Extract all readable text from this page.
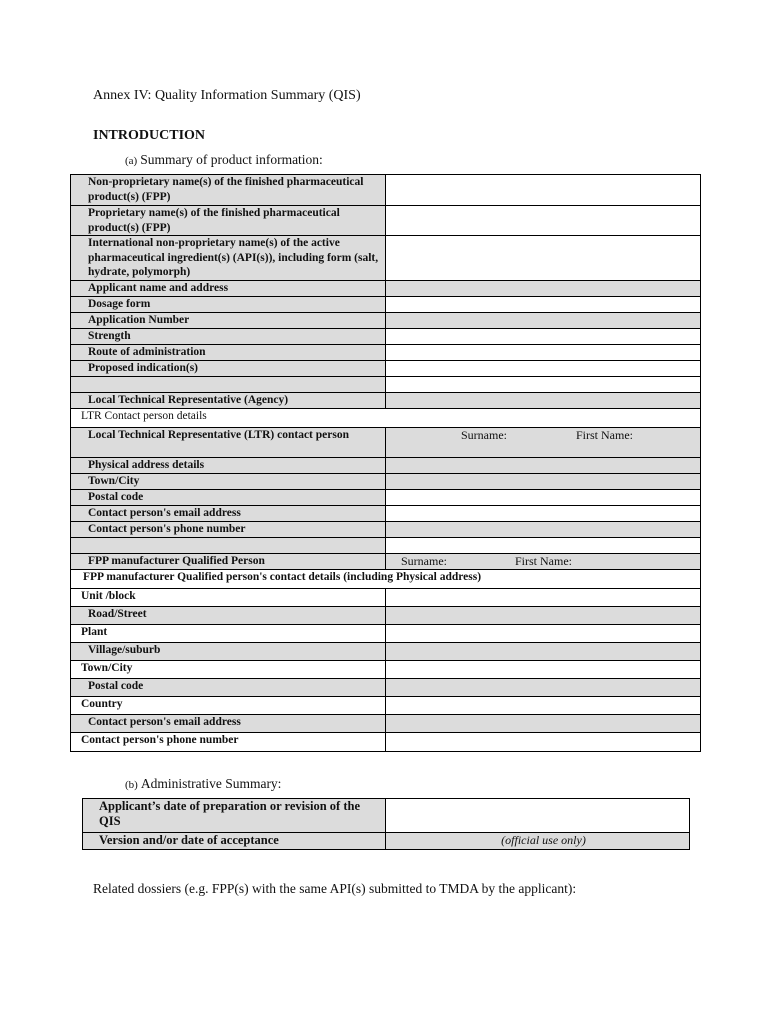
Annex IV: Quality Information Summary (QIS)
INTRODUCTION
(a) Summary of product information:
Non-proprietary name(s) of the finished pharmaceutical product(s) (FPP)	
Proprietary name(s) of the finished pharmaceutical product(s) (FPP)	
International non-proprietary name(s) of the active pharmaceutical ingredient(s) (API(s)), including form (salt, hydrate, polymorph)	
Applicant name and address	
Dosage form	
Application Number	
Strength	
Route of administration	
Proposed indication(s)	

Local Technical Representative (Agency)	
LTR Contact person details	
Local Technical Representative (LTR) contact person	Surname: First Name:

Physical address details	
Town/City	
Postal code	
Contact person's email address	
Contact person's phone number	

FPP manufacturer Qualified Person	Surname: First Name:

FPP manufacturer Qualified person's contact details (including Physical address)	
Unit /block	
Road/Street	
Plant	
Village/suburb	
Town/City	
Postal code	
Country	
Contact person's email address	
Contact person's phone number	
(b) Administrative Summary:
Applicant’s date of preparation or revision of the QIS	
Version and/or date of acceptance	(official use only)
Related dossiers (e.g. FPP(s) with the same API(s) submitted to TMDA by the applicant):
